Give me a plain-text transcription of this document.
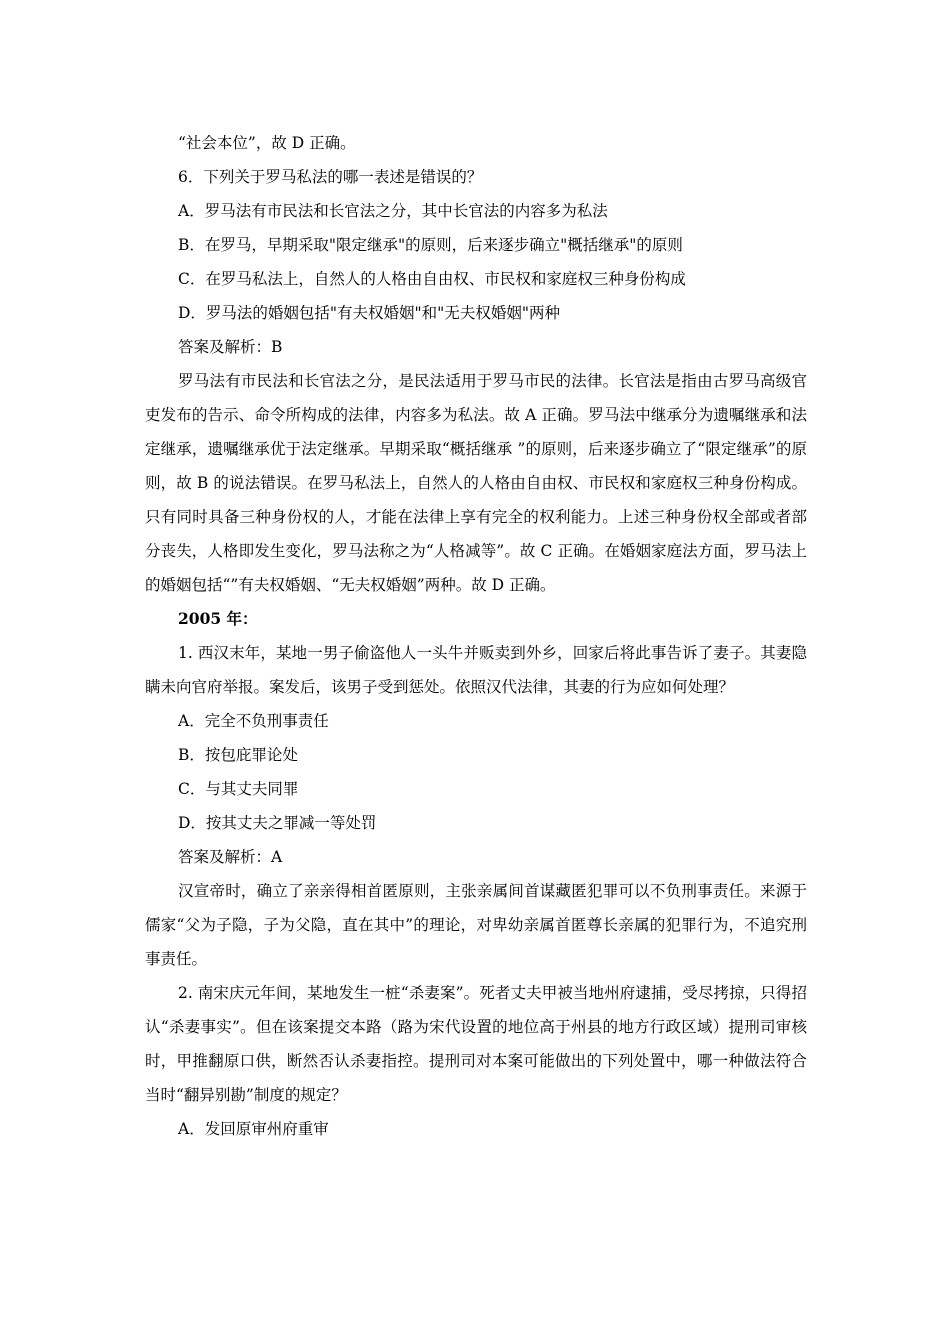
“社会本位”，故 D 正确。

6．下列关于罗马私法的哪一表述是错误的？

A．罗马法有市民法和长官法之分，其中长官法的内容多为私法

B．在罗马，早期采取"限定继承"的原则，后来逐步确立"概括继承"的原则

C．在罗马私法上，自然人的人格由自由权、市民权和家庭权三种身份构成

D．罗马法的婚姻包括"有夫权婚姻"和"无夫权婚姻"两种

答案及解析：B

罗马法有市民法和长官法之分，是民法适用于罗马市民的法律。长官法是指由古罗马高级官吏发布的告示、命令所构成的法律，内容多为私法。故 A 正确。罗马法中继承分为遗嘱继承和法定继承，遗嘱继承优于法定继承。早期采取“概括继承 ”的原则，后来逐步确立了“限定继承”的原则，故 B 的说法错误。在罗马私法上，自然人的人格由自由权、市民权和家庭权三种身份构成。只有同时具备三种身份权的人，才能在法律上享有完全的权利能力。上述三种身份权全部或者部分丧失，人格即发生变化，罗马法称之为“人格减等”。故 C 正确。在婚姻家庭法方面，罗马法上的婚姻包括“”有夫权婚姻、“无夫权婚姻”两种。故 D 正确。

2005 年：

1. 西汉末年，某地一男子偷盗他人一头牛并贩卖到外乡，回家后将此事告诉了妻子。其妻隐瞒未向官府举报。案发后，该男子受到惩处。依照汉代法律，其妻的行为应如何处理？

A．完全不负刑事责任

B．按包庇罪论处

C．与其丈夫同罪

D．按其丈夫之罪减一等处罚

答案及解析：A

汉宣帝时，确立了亲亲得相首匿原则，主张亲属间首谋藏匿犯罪可以不负刑事责任。来源于儒家“父为子隐，子为父隐，直在其中”的理论，对卑幼亲属首匿尊长亲属的犯罪行为，不追究刑事责任。

2. 南宋庆元年间，某地发生一桩“杀妻案”。死者丈夫甲被当地州府逮捕，受尽拷掠，只得招认“杀妻事实”。但在该案提交本路（路为宋代设置的地位高于州县的地方行政区域）提刑司审核时，甲推翻原口供，断然否认杀妻指控。提刑司对本案可能做出的下列处置中，哪一种做法符合当时“翻异别勘”制度的规定？

A．发回原审州府重审
